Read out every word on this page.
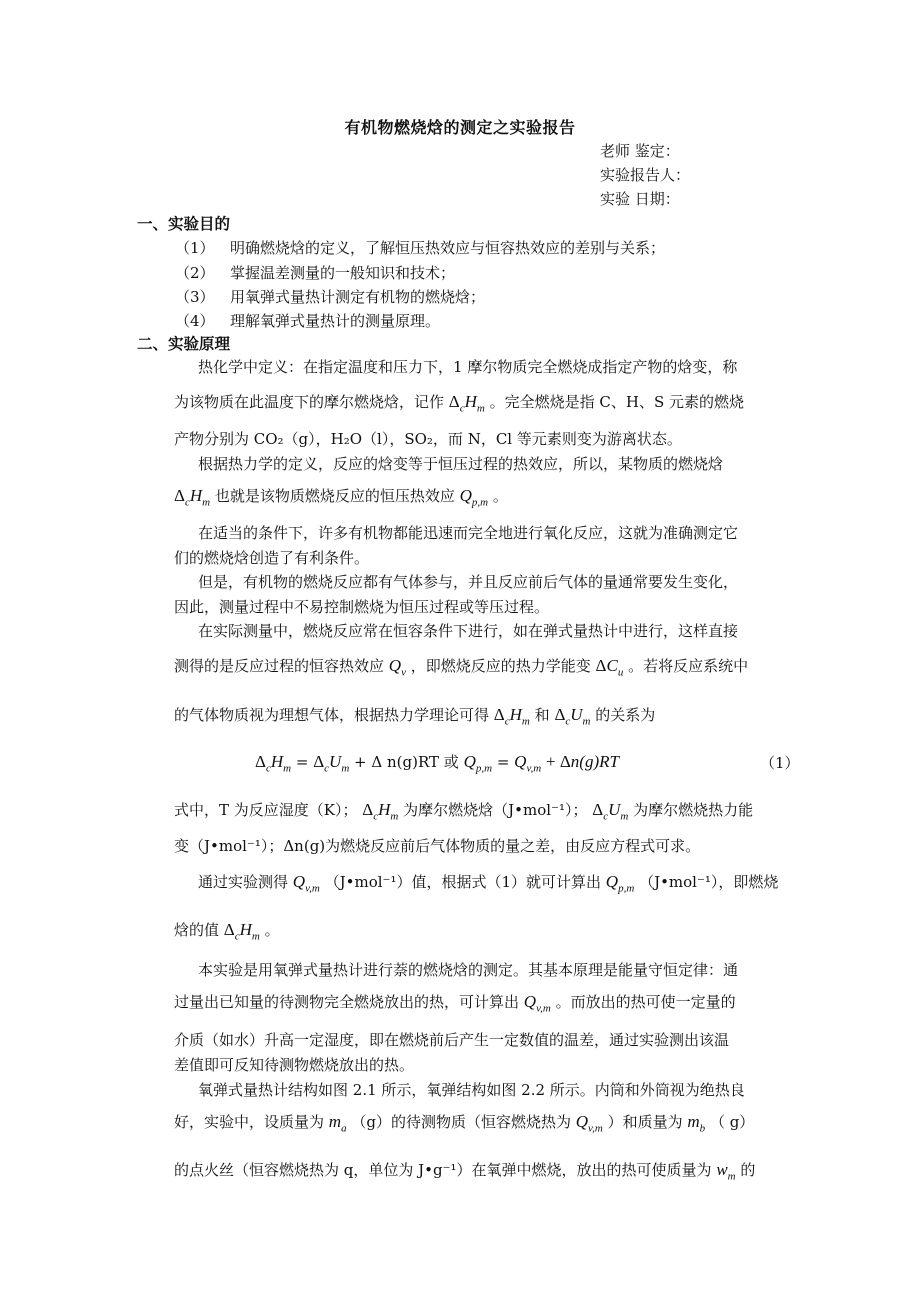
有机物燃烧焓的测定之实验报告
老师 鉴定：
实验报告人：
实验 日期：
一、实验目的
（1） 明确燃烧焓的定义，了解恒压热效应与恒容热效应的差别与关系；
（2） 掌握温差测量的一般知识和技术；
（3） 用氧弹式量热计测定有机物的燃烧焓；
（4） 理解氧弹式量热计的测量原理。
二、实验原理
热化学中定义：在指定温度和压力下，1 摩尔物质完全燃烧成指定产物的焓变，称
为该物质在此温度下的摩尔燃烧焓，记作 $\Delta_cH_m$ 。完全燃烧是指 C、H、S 元素的燃烧
产物分别为 CO₂（g），H₂O（l），SO₂，而 N，Cl 等元素则变为游离状态。
根据热力学的定义，反应的焓变等于恒压过程的热效应，所以，某物质的燃烧焓
$\Delta_cH_m$ 也就是该物质燃烧反应的恒压热效应 $Q_{p,m}$ 。
在适当的条件下，许多有机物都能迅速而完全地进行氧化反应，这就为准确测定它
们的燃烧焓创造了有利条件。
但是，有机物的燃烧反应都有气体参与，并且反应前后气体的量通常要发生变化，
因此，测量过程中不易控制燃烧为恒压过程或等压过程。
在实际测量中，燃烧反应常在恒容条件下进行，如在弹式量热计中进行，这样直接
测得的是反应过程的恒容热效应 $Q_v$ ，即燃烧反应的热力学能变 $\Delta C_u$ 。若将反应系统中
的气体物质视为理想气体，根据热力学理论可得 $\Delta_cH_m$ 和 $\Delta_cU_m$ 的关系为
$\Delta_cH_m = \Delta_cU_m + \Delta$ n(g)RT 或 $Q_{p,m} = Q_{v,m} + \Delta n(g)RT$	（1）
式中，T 为反应湿度（K）； $\Delta_cH_m$ 为摩尔燃烧焓（J•mol⁻¹）； $\Delta_cU_m$ 为摩尔燃烧热力能
变（J•mol⁻¹）；Δn(g)为燃烧反应前后气体物质的量之差，由反应方程式可求。
通过实验测得 $Q_{v,m}$ （J•mol⁻¹）值，根据式（1）就可计算出 $Q_{p,m}$ （J•mol⁻¹），即燃烧
焓的值 $\Delta_cH_m$ 。
本实验是用氧弹式量热计进行萘的燃烧焓的测定。其基本原理是能量守恒定律：通
过量出已知量的待测物完全燃烧放出的热，可计算出 $Q_{v,m}$ 。而放出的热可使一定量的
介质（如水）升高一定湿度，即在燃烧前后产生一定数值的温差，通过实验测出该温
差值即可反知待测物燃烧放出的热。
氧弹式量热计结构如图 2.1 所示，氧弹结构如图 2.2 所示。内筒和外筒视为绝热良
好，实验中，设质量为 $m_a$ （g）的待测物质（恒容燃烧热为 $Q_{v,m}$ ）和质量为 $m_b$ （ g）
的点火丝（恒容燃烧热为 q，单位为 J•g⁻¹）在氧弹中燃烧，放出的热可使质量为 $w_m$ 的
